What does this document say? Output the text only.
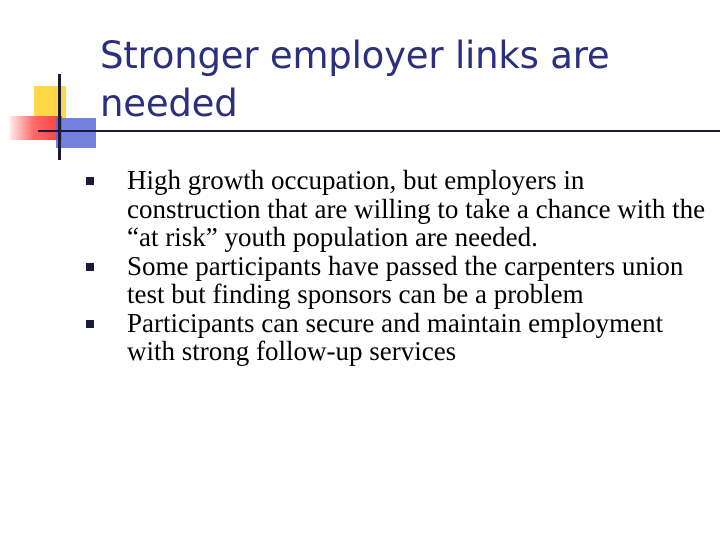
Stronger employer links are needed
High growth occupation, but employers in construction that are willing to take a chance with the “at risk” youth population are needed.
Some participants have passed the carpenters union test but finding sponsors can be a problem
Participants can secure and maintain employment with strong follow-up services
